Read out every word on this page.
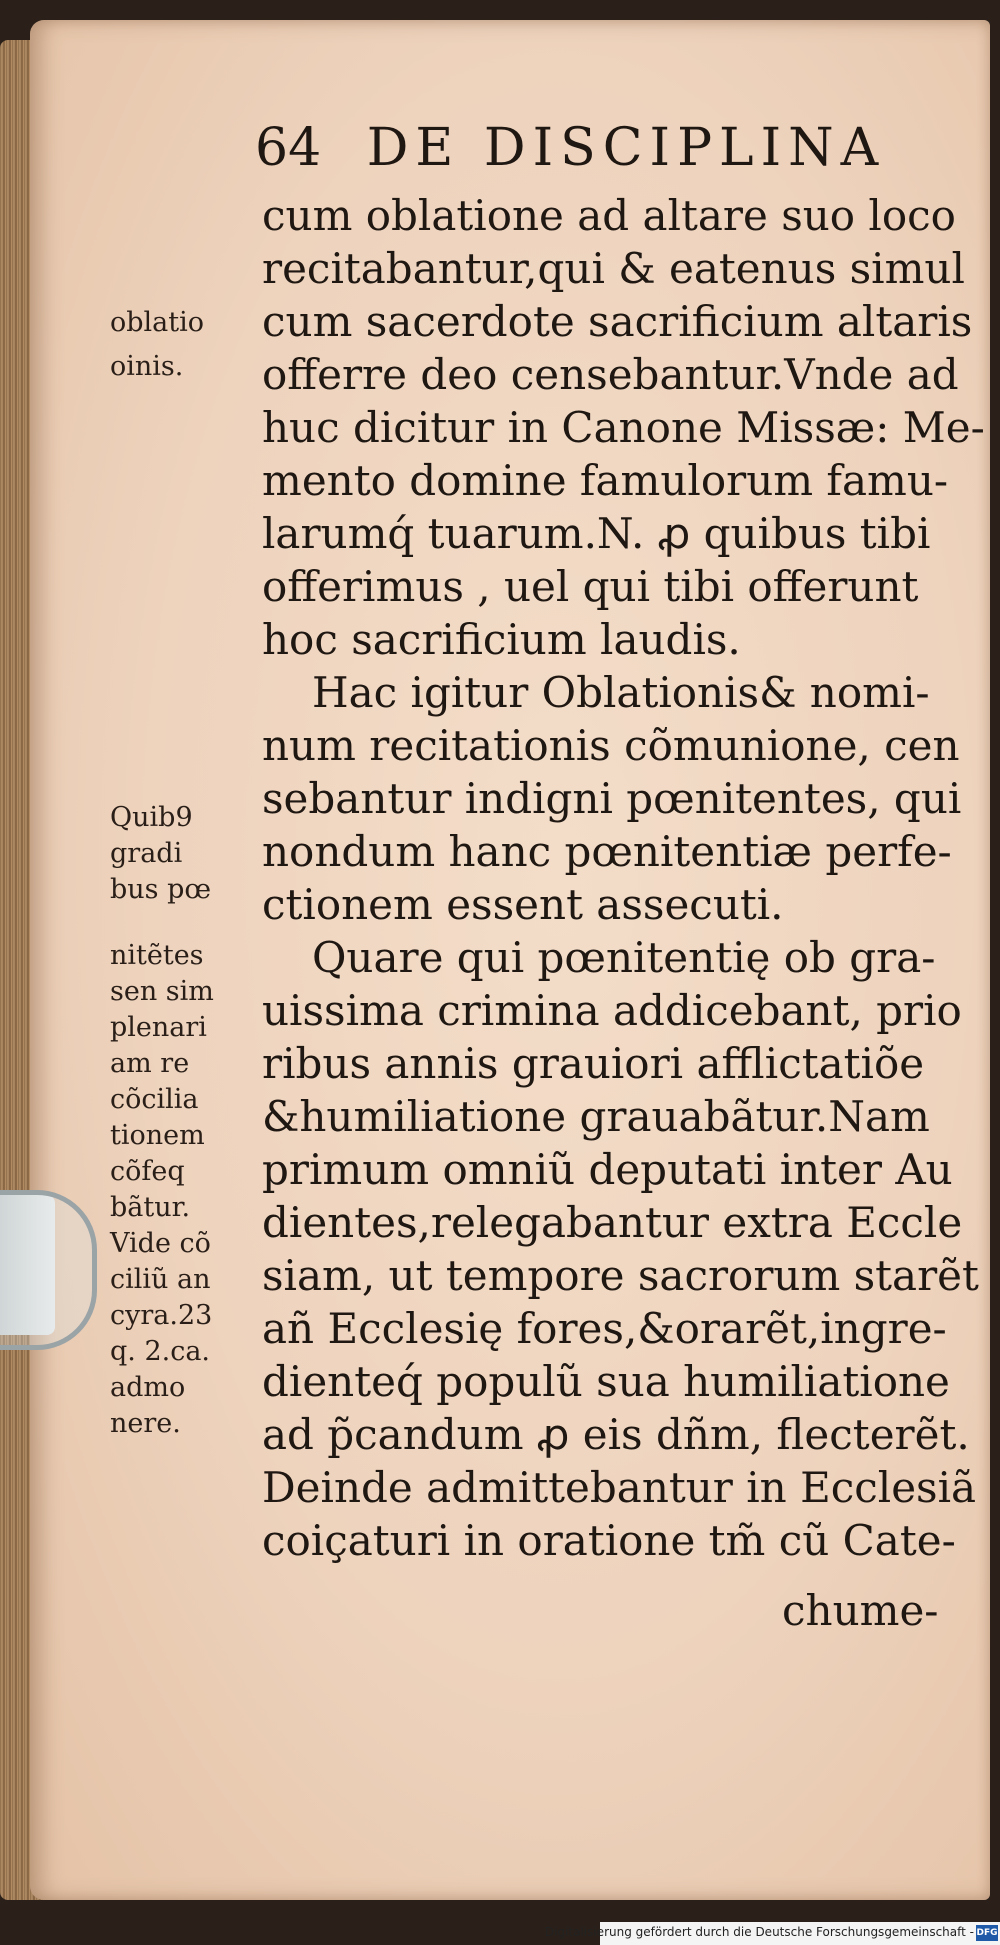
64 DE DISCIPLINA
cum oblatione ad altare suo loco
recitabantur,qui & eatenus simul
cum sacerdote sacrificium altaris
offerre deo censebantur.Vnde ad
huc dicitur in Canone Missæ: Me-
mento domine famulorum famu-
larumq́ tuarum.N. ꝓ quibus tibi
offerimus , uel qui tibi offerunt
hoc sacrificium laudis.
Hac igitur Oblationis& nomi-
num recitationis cõmunione, cen
sebantur indigni pœnitentes, qui
nondum hanc pœnitentiæ perfe-
ctionem essent assecuti.
Quare qui pœnitentię ob gra-
uissima crimina addicebant, prio
ribus annis grauiori afflictatiõe
&humiliatione grauabãtur.Nam
primum omniũ deputati inter Au
dientes,relegabantur extra Eccle
siam, ut tempore sacrorum starẽt
añ Ecclesię fores,&orarẽt,ingre-
dienteq́ populũ sua humiliatione
ad p̃candum ꝓ eis dñm, flecterẽt.
Deinde admittebantur in Ecclesiã
coiçaturi in oratione tm̃ cũ Cate-
chume-
oblatio
oinis.
Quib9
gradi
bus pœ
nitẽtes
sen sim
plenari
am re
cõcilia
tionem
cõfeq
bãtur.
Vide cõ
ciliũ an
cyra.23
q. 2.ca.
admo
nere.
Digitalisierung gefördert durch die Deutsche Forschungsgemeinschaft - DFG
